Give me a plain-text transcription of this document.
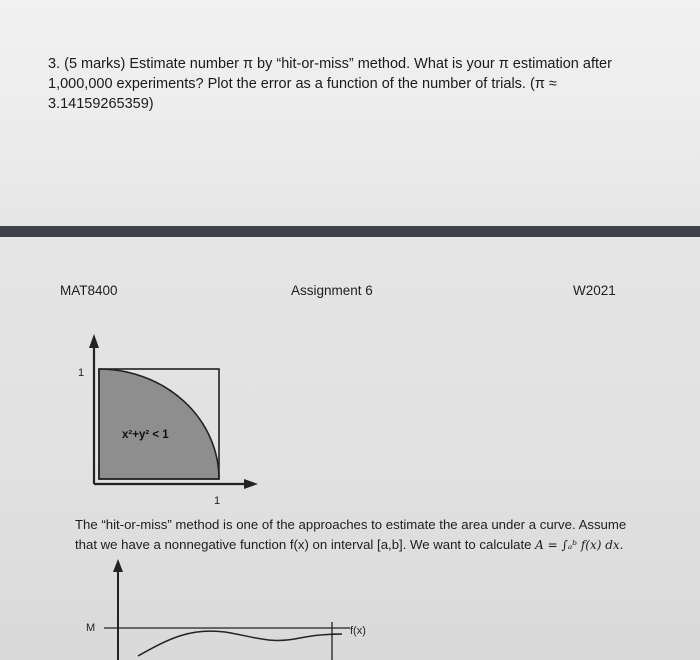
3. (5 marks) Estimate number π by “hit-or-miss” method. What is your π estimation after
1,000,000 experiments? Plot the error as a function of the number of trials. (π ≈
3.14159265359)
MAT8400	Assignment 6	W2021
1
1
x²+y² < 1
The “hit-or-miss” method is one of the approaches to estimate the area under a curve. Assume
that we have a nonnegative function f(x) on interval [a,b]. We want to calculate A = ∫ₐᵇ f(x) dx.
M	f(x)
